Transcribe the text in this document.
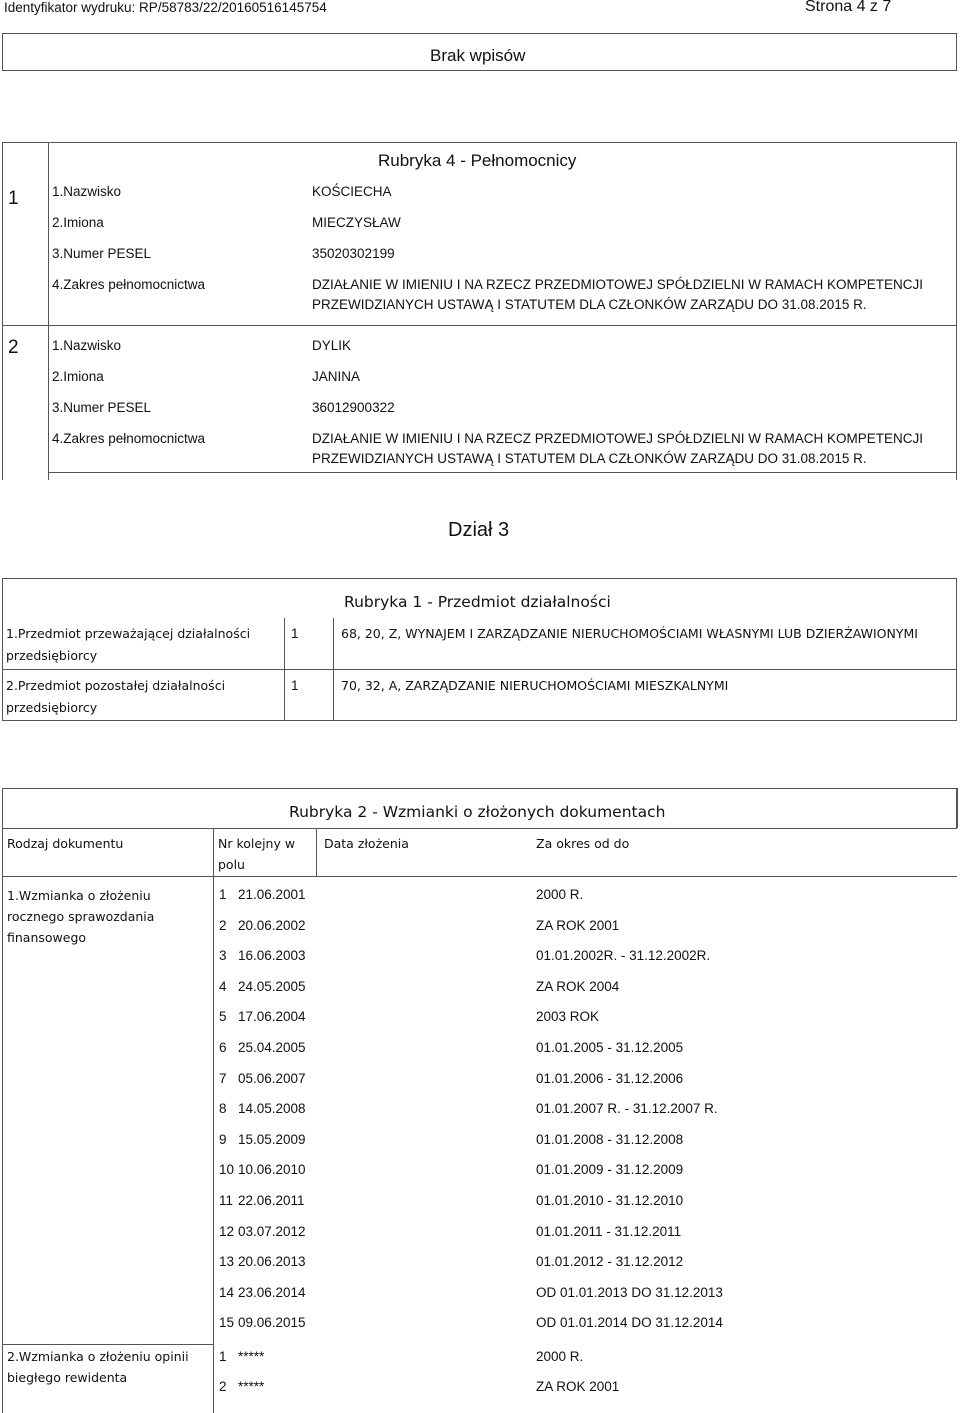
Identyfikator wydruku: RP/58783/22/20160516145754	Strona 4 z 7
Brak wpisów
Rubryka 4 - Pełnomocnicy
1 1.Nazwisko	KOŚCIECHA
2.Imiona	MIECZYSŁAW
3.Numer PESEL	35020302199
4.Zakres pełnomocnictwa	DZIAŁANIE W IMIENIU I NA RZECZ PRZEDMIOTOWEJ SPÓŁDZIELNI W RAMACH KOMPETENCJI
PRZEWIDZIANYCH USTAWĄ I STATUTEM DLA CZŁONKÓW ZARZĄDU DO 31.08.2015 R.
2 1.Nazwisko	DYLIK
2.Imiona	JANINA
3.Numer PESEL	36012900322
4.Zakres pełnomocnictwa	DZIAŁANIE W IMIENIU I NA RZECZ PRZEDMIOTOWEJ SPÓŁDZIELNI W RAMACH KOMPETENCJI
PRZEWIDZIANYCH USTAWĄ I STATUTEM DLA CZŁONKÓW ZARZĄDU DO 31.08.2015 R.
Dział 3
Rubryka 1 - Przedmiot działalności
1.Przedmiot przeważającej działalności
przedsiębiorcy
1	68, 20, Z, WYNAJEM I ZARZĄDZANIE NIERUCHOMOŚCIAMI WŁASNYMI LUB DZIERŻAWIONYMI
2.Przedmiot pozostałej działalności
przedsiębiorcy
1	70, 32, A, ZARZĄDZANIE NIERUCHOMOŚCIAMI MIESZKALNYMI
Rubryka 2 - Wzmianki o złożonych dokumentach
Rodzaj dokumentu	Nr kolejny w
polu
Data złożenia	Za okres od do
1.Wzmianka o złożeniu
rocznego sprawozdania
finansowego
1 21.06.2001	2000 R.
2 20.06.2002	ZA ROK 2001
3 16.06.2003	01.01.2002R. - 31.12.2002R.
4 24.05.2005	ZA ROK 2004
5 17.06.2004	2003 ROK
6 25.04.2005	01.01.2005 - 31.12.2005
7 05.06.2007	01.01.2006 - 31.12.2006
8 14.05.2008	01.01.2007 R. - 31.12.2007 R.
9 15.05.2009	01.01.2008 - 31.12.2008
10 10.06.2010	01.01.2009 - 31.12.2009
11 22.06.2011	01.01.2010 - 31.12.2010
12 03.07.2012	01.01.2011 - 31.12.2011
13 20.06.2013	01.01.2012 - 31.12.2012
14 23.06.2014	OD 01.01.2013 DO 31.12.2013
15 09.06.2015	OD 01.01.2014 DO 31.12.2014
2.Wzmianka o złożeniu opinii
biegłego rewidenta
1 *****	2000 R.
2 *****	ZA ROK 2001
